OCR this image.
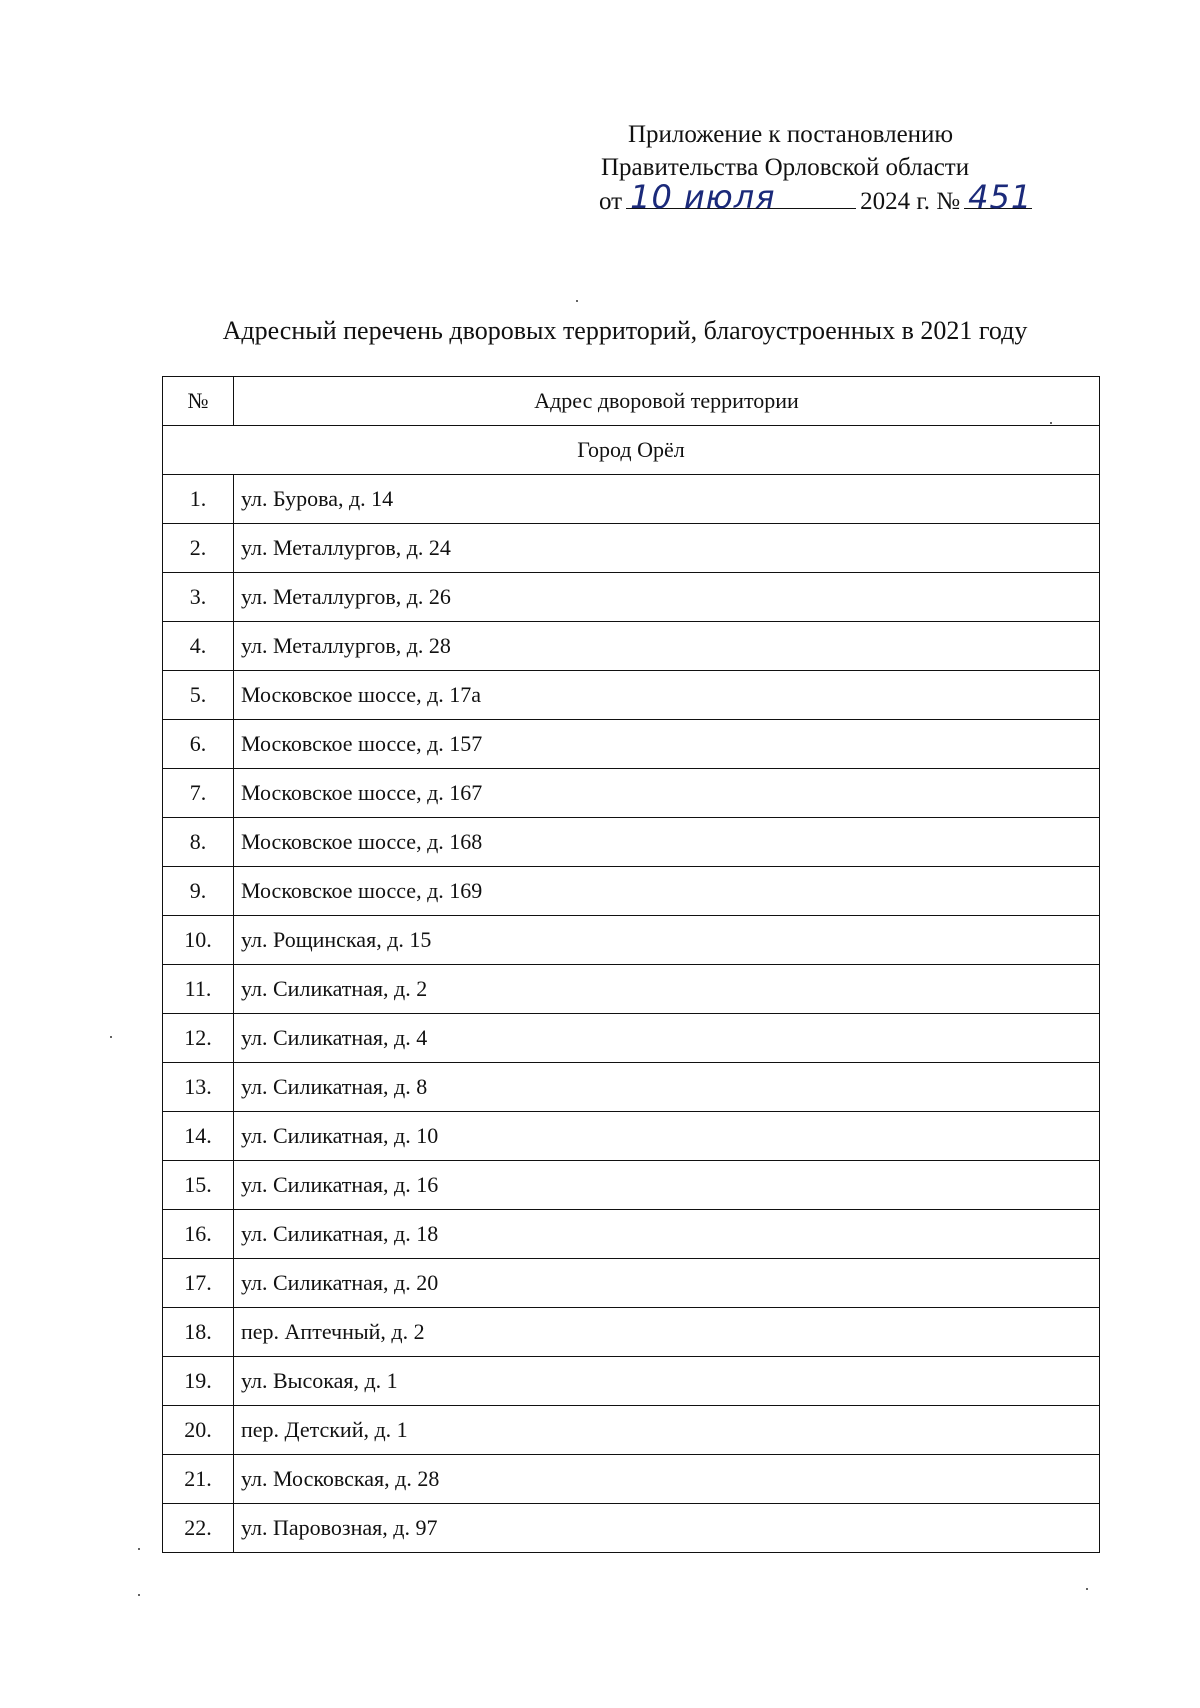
Приложение к постановлению
Правительства Орловской области
от 10 июля	2024 г. № 451
Адресный перечень дворовых территорий, благоустроенных в 2021 году
№	Адрес дворовой территории
Город Орёл	
1.	ул. Бурова, д. 14
2.	ул. Металлургов, д. 24
3.	ул. Металлургов, д. 26
4.	ул. Металлургов, д. 28
5.	Московское шоссе, д. 17а
6.	Московское шоссе, д. 157
7.	Московское шоссе, д. 167
8.	Московское шоссе, д. 168
9.	Московское шоссе, д. 169
10.	ул. Рощинская, д. 15
11.	ул. Силикатная, д. 2
12.	ул. Силикатная, д. 4
13.	ул. Силикатная, д. 8
14.	ул. Силикатная, д. 10
15.	ул. Силикатная, д. 16
16.	ул. Силикатная, д. 18
17.	ул. Силикатная, д. 20
18.	пер. Аптечный, д. 2
19.	ул. Высокая, д. 1
20.	пер. Детский, д. 1
21.	ул. Московская, д. 28
22.	ул. Паровозная, д. 97
